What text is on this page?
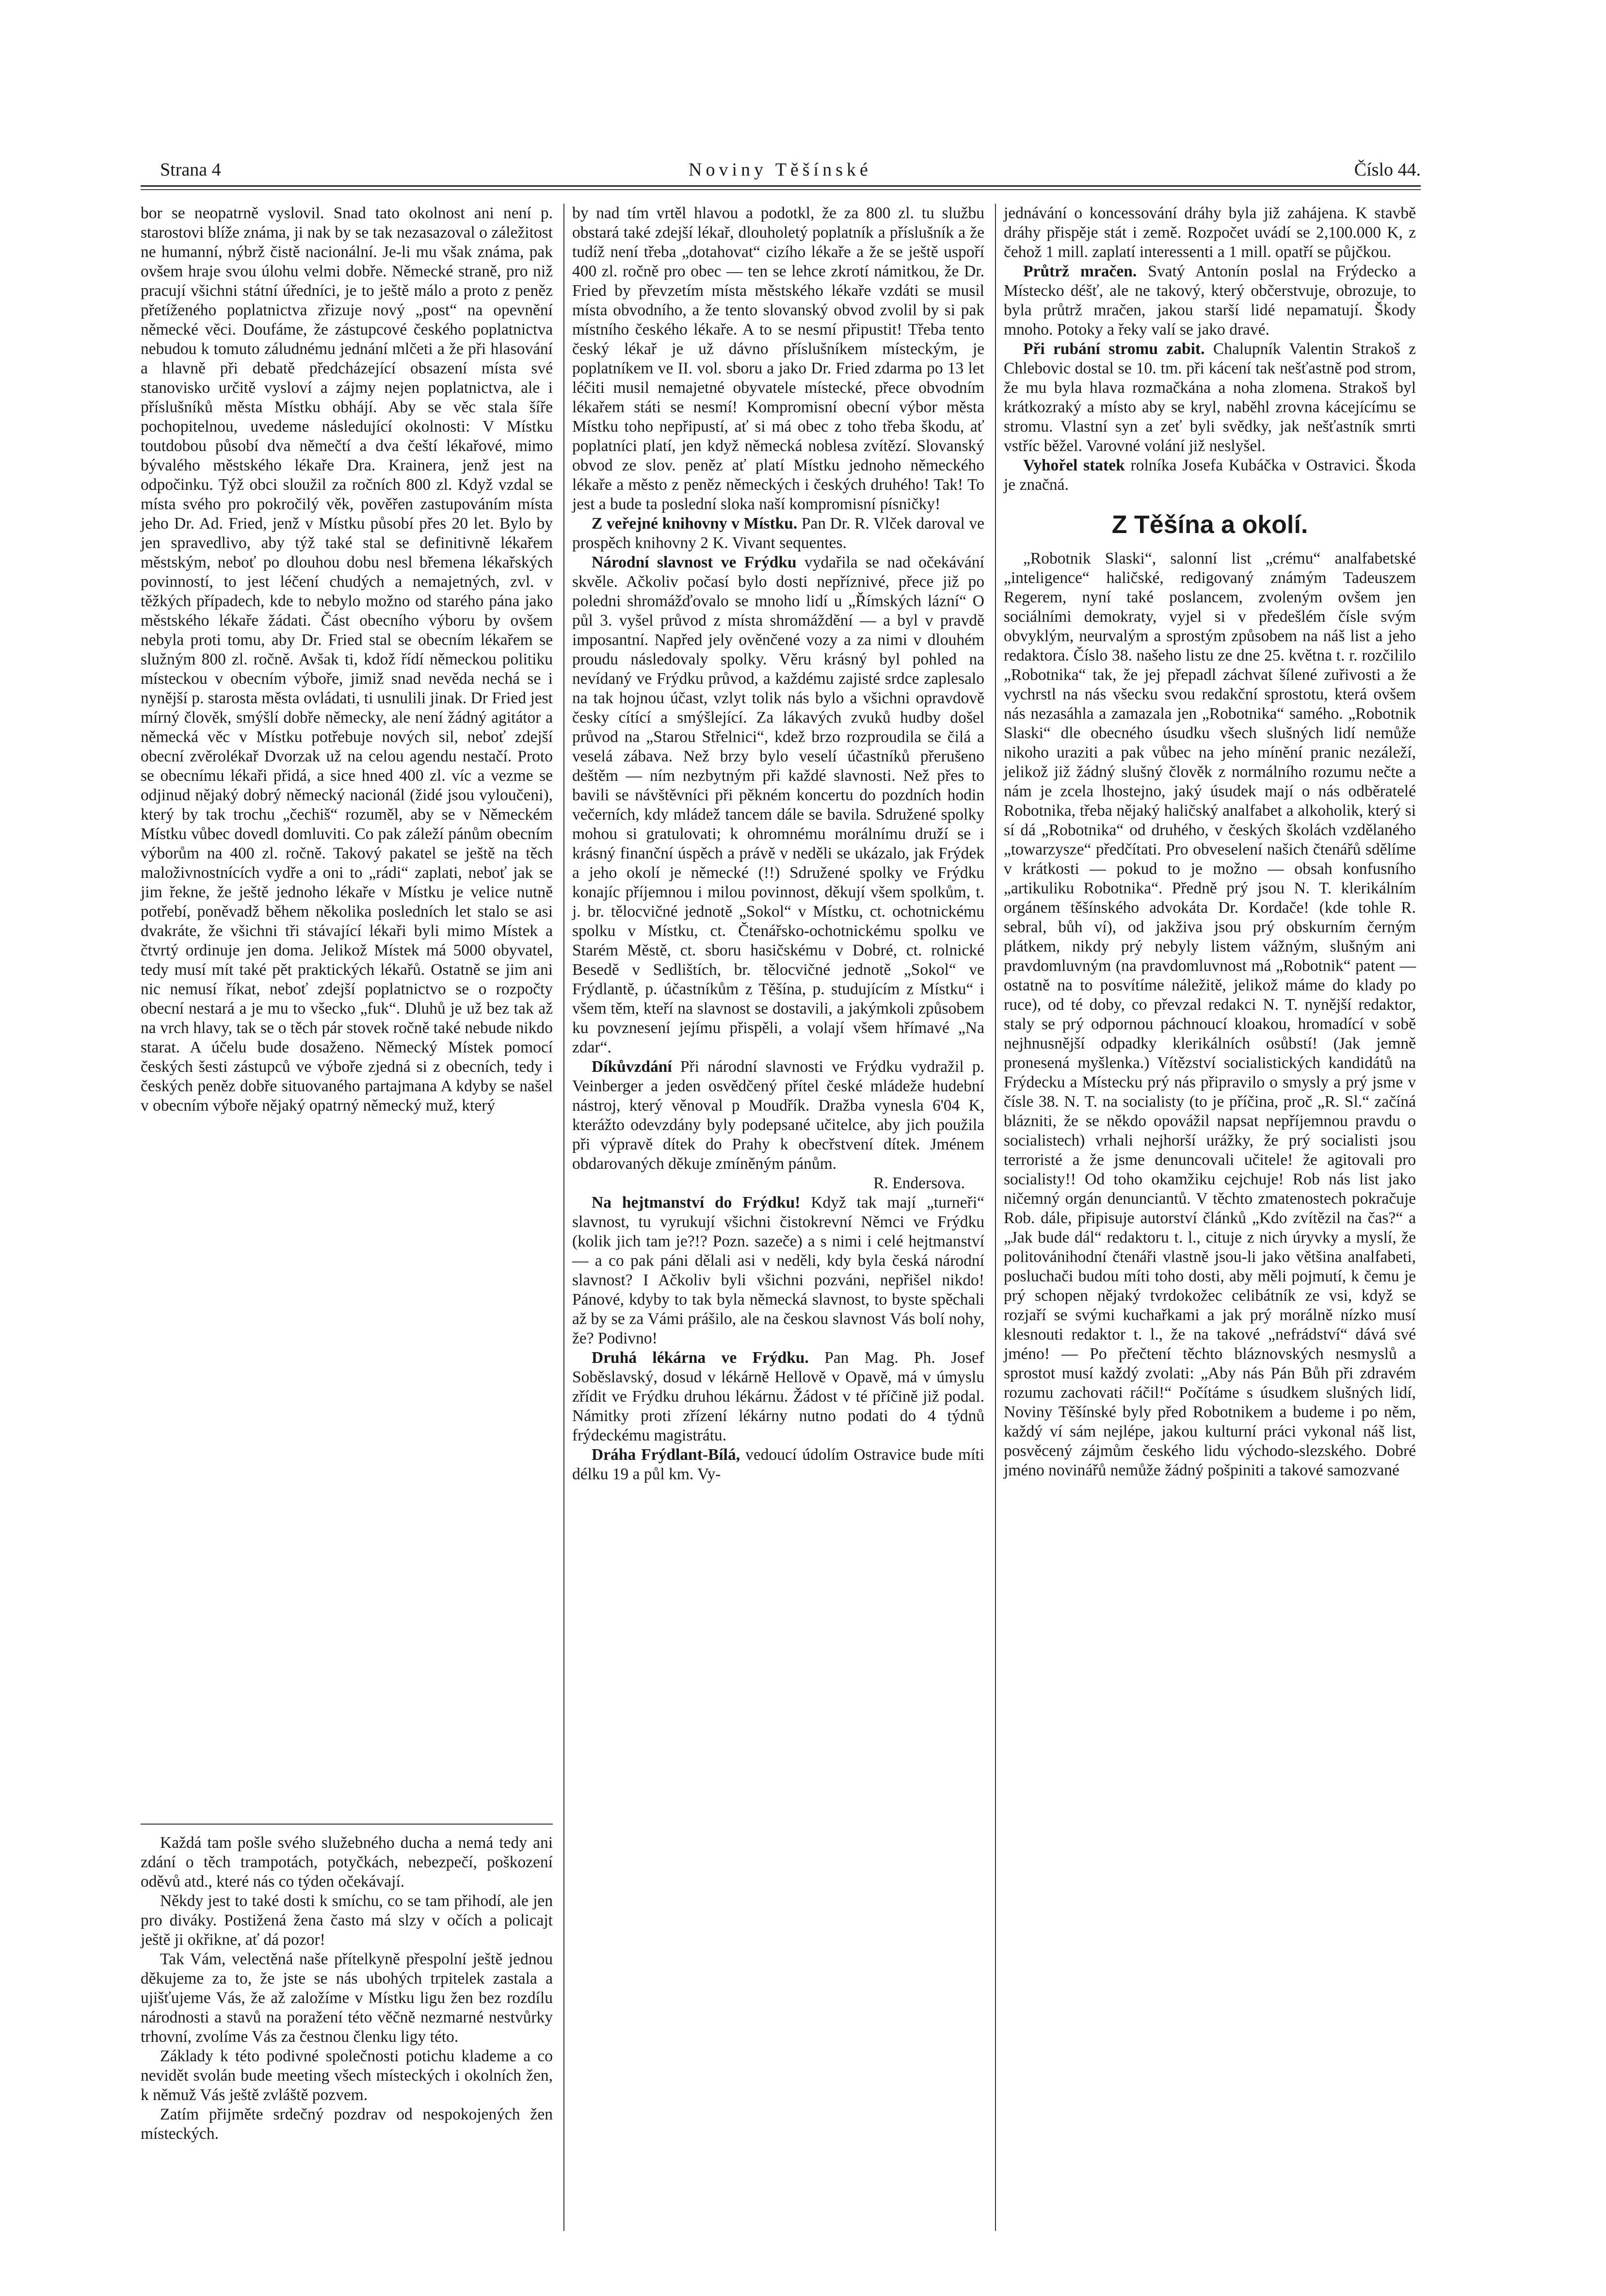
Strana 4	Noviny Těšínské	Číslo 44.

bor se neopatrně vyslovil. Snad tato okolnost ani není p. starostovi blíže známa, ji nak by se tak nezasazoval o záležitost ne humanní, nýbrž čistě nacionální. Je-li mu však známa, pak ovšem hraje svou úlohu velmi dobře. Německé straně, pro niž pracují všichni státní úředníci, je to ještě málo a proto z peněz přetíženého poplatnictva zřizuje nový „post“ na opevnění německé věci. Doufáme, že zástupcové českého poplatnictva nebudou k tomuto záludnému jednání mlčeti a že při hlasování a hlavně při debatě předcházející obsazení místa své stanovisko určitě vysloví a zájmy nejen poplatnictva, ale i příslušníků města Místku obhájí. Aby se věc stala šíře pochopitelnou, uvedeme následující okolnosti: V Místku toutdobou působí dva němečtí a dva čeští lékařové, mimo bývalého městského lékaře Dra. Krainera, jenž jest na odpočinku. Týž obci sloužil za ročních 800 zl. Když vzdal se místa svého pro pokročilý věk, pověřen zastupováním místa jeho Dr. Ad. Fried, jenž v Místku působí přes 20 let. Bylo by jen spravedlivo, aby týž také stal se definitivně lékařem městským, neboť po dlouhou dobu nesl břemena lékařských povinností, to jest léčení chudých a nemajetných, zvl. v těžkých případech, kde to nebylo možno od starého pána jako městského lékaře žádati. Část obecního výboru by ovšem nebyla proti tomu, aby Dr. Fried stal se obecním lékařem se služným 800 zl. ročně. Avšak ti, kdož řídí německou politiku místeckou v obecním výboře, jimiž snad nevěda nechá se i nynější p. starosta města ovládati, ti usnulili jinak. Dr Fried jest mírný člověk, smýšlí dobře německy, ale není žádný agitátor a německá věc v Místku potřebuje nových sil, neboť zdejší obecní zvěrolékař Dvorzak už na celou agendu nestačí. Proto se obecnímu lékaři přidá, a sice hned 400 zl. víc a vezme se odjinud nějaký dobrý německý nacionál (židé jsou vyloučeni), který by tak trochu „čechiš“ rozuměl, aby se v Německém Místku vůbec dovedl domluviti. Co pak záleží pánům obecním výborům na 400 zl. ročně. Takový pakatel se ještě na těch maloživnostnících vydře a oni to „rádi“ zaplati, neboť jak se jim řekne, že ještě jednoho lékaře v Místku je velice nutně potřebí, poněvadž během několika posledních let stalo se asi dvakráte, že všichni tři stávající lékaři byli mimo Místek a čtvrtý ordinuje jen doma. Jelikož Místek má 5000 obyvatel, tedy musí mít také pět praktických lékařů. Ostatně se jim ani nic nemusí říkat, neboť zdejší poplatnictvo se o rozpočty obecní nestará a je mu to všecko „fuk“. Dluhů je už bez tak až na vrch hlavy, tak se o těch pár stovek ročně také nebude nikdo starat. A účelu bude dosaženo. Německý Místek pomocí českých šesti zástupců ve výboře zjedná si z obecních, tedy i českých peněz dobře situovaného partajmana A kdyby se našel v obecním výboře nějaký opatrný německý muž, který

Každá tam pošle svého služebného ducha a nemá tedy ani zdání o těch trampotách, potyčkách, nebezpečí, poškození oděvů atd., které nás co týden očekávají.

Někdy jest to také dosti k smíchu, co se tam přihodí, ale jen pro diváky. Postižená žena často má slzy v očích a policajt ještě ji okřikne, ať dá pozor!

Tak Vám, velectěná naše přítelkyně přespolní ještě jednou děkujeme za to, že jste se nás ubohých trpitelek zastala a ujišťujeme Vás, že až založíme v Místku ligu žen bez rozdílu národnosti a stavů na poražení této věčně nezmarné nestvůrky trhovní, zvolíme Vás za čestnou členku ligy této.

Základy k této podivné společnosti potichu klademe a co nevidět svolán bude meeting všech místeckých i okolních žen, k němuž Vás ještě zvláště pozvem.

Zatím přijměte srdečný pozdrav od nespokojených žen místeckých.

by nad tím vrtěl hlavou a podotkl, že za 800 zl. tu službu obstará také zdejší lékař, dlouholetý poplatník a příslušník a že tudíž není třeba „dotahovat“ cizího lékaře a že se ještě uspoří 400 zl. ročně pro obec — ten se lehce zkrotí námitkou, že Dr. Fried by převzetím místa městského lékaře vzdáti se musil místa obvodního, a že tento slovanský obvod zvolil by si pak místního českého lékaře. A to se nesmí připustit! Třeba tento český lékař je už dávno příslušníkem místeckým, je poplatníkem ve II. vol. sboru a jako Dr. Fried zdarma po 13 let léčiti musil nemajetné obyvatele místecké, přece obvodním lékařem státi se nesmí! Kompromisní obecní výbor města Místku toho nepřipustí, ať si má obec z toho třeba škodu, ať poplatníci platí, jen když německá noblesa zvítězí. Slovanský obvod ze slov. peněz ať platí Místku jednoho německého lékaře a město z peněz německých i českých druhého! Tak! To jest a bude ta poslední sloka naší kompromisní písničky!

Z veřejné knihovny v Místku. Pan Dr. R. Vlček daroval ve prospěch knihovny 2 K. Vivant sequentes.

Národní slavnost ve Frýdku vydařila se nad očekávání skvěle. Ačkoliv počasí bylo dosti nepříznivé, přece již po poledni shromážďovalo se mnoho lidí u „Římských lázní“ O půl 3. vyšel průvod z místa shromáždění — a byl v pravdě imposantní. Napřed jely ověnčené vozy a za nimi v dlouhém proudu následovaly spolky. Věru krásný byl pohled na nevídaný ve Frýdku průvod, a každému zajisté srdce zaplesalo na tak hojnou účast, vzlyt tolik nás bylo a všichni opravdově česky cítící a smýšlející. Za lákavých zvuků hudby došel průvod na „Starou Střelnici“, kdež brzo rozproudila se čilá a veselá zábava. Než brzy bylo veselí účastníků přerušeno deštěm — ním nezbytným při každé slavnosti. Než přes to bavili se návštěvníci při pěkném koncertu do pozdních hodin večerních, kdy mládež tancem dále se bavila. Sdružené spolky mohou si gratulovati; k ohromnému morálnímu druží se i krásný finanční úspěch a právě v neděli se ukázalo, jak Frýdek a jeho okolí je německé (!!) Sdružené spolky ve Frýdku konajíc příjemnou i milou povinnost, děkují všem spolkům, t. j. br. tělocvičné jednotě „Sokol“ v Místku, ct. ochotnickému spolku v Místku, ct. Čtenářsko-ochotnickému spolku ve Starém Městě, ct. sboru hasičskému v Dobré, ct. rolnické Besedě v Sedlištích, br. tělocvičné jednotě „Sokol“ ve Frýdlantě, p. účastníkům z Těšína, p. studujícím z Místku“ i všem těm, kteří na slavnost se dostavili, a jakýmkoli způsobem ku povznesení jejímu přispěli, a volají všem hřímavé „Na zdar“.

Díkůvzdání Při národní slavnosti ve Frýdku vydražil p. Veinberger a jeden osvědčený přítel české mládeže hudební nástroj, který věnoval p Moudřík. Dražba vynesla 6'04 K, kterážto odevzdány byly podepsané učitelce, aby jich použila při výpravě dítek do Prahy k obecřstvení dítek. Jménem obdarovaných děkuje zmíněným pánům.

R. Endersova.

Na hejtmanství do Frýdku! Když tak mají „turneři“ slavnost, tu vyrukují všichni čistokrevní Němci ve Frýdku (kolik jich tam je?!? Pozn. sazeče) a s nimi i celé hejtmanství — a co pak páni dělali asi v neděli, kdy byla česká národní slavnost? I Ačkoliv byli všichni pozváni, nepřišel nikdo! Pánové, kdyby to tak byla německá slavnost, to byste spěchali až by se za Vámi prášilo, ale na českou slavnost Vás bolí nohy, že? Podivno!

Druhá lékárna ve Frýdku. Pan Mag. Ph. Josef Soběslavský, dosud v lékárně Hellově v Opavě, má v úmyslu zřídit ve Frýdku druhou lékárnu. Žádost v té příčině již podal. Námitky proti zřízení lékárny nutno podati do 4 týdnů frýdeckému magistrátu.

Dráha Frýdlant-Bílá, vedoucí údolím Ostravice bude míti délku 19 a půl km. Vy-

jednávání o koncessování dráhy byla již zahájena. K stavbě dráhy přispěje stát i země. Rozpočet uvádí se 2,100.000 K, z čehož 1 mill. zaplatí interessenti a 1 mill. opatří se půjčkou.

Průtrž mračen. Svatý Antonín poslal na Frýdecko a Místecko déšť, ale ne takový, který občerstvuje, obrozuje, to byla průtrž mračen, jakou starší lidé nepamatují. Škody mnoho. Potoky a řeky valí se jako dravé.

Při rubání stromu zabit. Chalupník Valentin Strakoš z Chlebovic dostal se 10. tm. při kácení tak nešťastně pod strom, že mu byla hlava rozmačkána a noha zlomena. Strakoš byl krátkozraký a místo aby se kryl, naběhl zrovna kácejícímu se stromu. Vlastní syn a zeť byli svědky, jak nešťastník smrti vstříc běžel. Varovné volání již neslyšel.

Vyhořel statek rolníka Josefa Kubáčka v Ostravici. Škoda je značná.

Z Těšína a okolí.

„Robotnik Slaski“, salonní list „crému“ analfabetské „inteligence“ haličské, redigovaný známým Tadeuszem Regerem, nyní také poslancem, zvoleným ovšem jen sociálními demokraty, vyjel si v předešlém čísle svým obvyklým, neurvalým a sprostým způsobem na náš list a jeho redaktora. Číslo 38. našeho listu ze dne 25. května t. r. rozčililo „Robotnika“ tak, že jej přepadl záchvat šílené zuřivosti a že vychrstl na nás všecku svou redakční sprostotu, která ovšem nás nezasáhla a zamazala jen „Robotnika“ samého. „Robotnik Slaski“ dle obecného úsudku všech slušných lidí nemůže nikoho uraziti a pak vůbec na jeho mínění pranic nezáleží, jelikož již žádný slušný člověk z normálního rozumu nečte a nám je zcela lhostejno, jaký úsudek mají o nás odběratelé Robotnika, třeba nějaký haličský analfabet a alkoholik, který si sí dá „Robotnika“ od druhého, v českých školách vzdělaného „towarzysze“ předčítati. Pro obveselení našich čtenářů sdělíme v krátkosti — pokud to je možno — obsah konfusního „artikuliku Robotnika“. Předně prý jsou N. T. klerikálním orgánem těšínského advokáta Dr. Kordače! (kde tohle R. sebral, bůh ví), od jakživa jsou prý obskurním černým plátkem, nikdy prý nebyly listem vážným, slušným ani pravdomluvným (na pravdomluvnost má „Robotnik“ patent — ostatně na to posvítíme náležitě, jelikož máme do klady po ruce), od té doby, co převzal redakci N. T. nynější redaktor, staly se prý odpornou páchnoucí kloakou, hromadící v sobě nejhnusnější odpadky klerikálních osůbstí! (Jak jemně pronesená myšlenka.) Vítězství socialistických kandidátů na Frýdecku a Místecku prý nás připravilo o smysly a prý jsme v čísle 38. N. T. na socialisty (to je příčina, proč „R. Sl.“ začíná blázniti, že se někdo opovážil napsat nepříjemnou pravdu o socialistech) vrhali nejhorší urážky, že prý socialisti jsou terroristé a že jsme denuncovali učitele! že agitovali pro socialisty!! Od toho okamžiku cejchuje! Rob nás list jako ničemný orgán denunciantů. V těchto zmatenostech pokračuje Rob. dále, připisuje autorství článků „Kdo zvítězil na čas?“ a „Jak bude dál“ redaktoru t. l., cituje z nich úryvky a myslí, že politovánihodní čtenáři vlastně jsou-li jako většina analfabeti, posluchači budou míti toho dosti, aby měli pojmutí, k čemu je prý schopen nějaký tvrdokožec celibátník ze vsi, když se rozjaří se svými kuchařkami a jak prý morálně nízko musí klesnouti redaktor t. l., že na takové „nefrádství“ dává své jméno! — Po přečtení těchto bláznovských nesmyslů a sprostot musí každý zvolati: „Aby nás Pán Bůh při zdravém rozumu zachovati ráčil!“ Počítáme s úsudkem slušných lidí, Noviny Těšínské byly před Robotnikem a budeme i po něm, každý ví sám nejlépe, jakou kulturní práci vykonal náš list, posvěcený zájmům českého lidu východo-slezského. Dobré jméno novinářů nemůže žádný pošpiniti a takové samozvané
